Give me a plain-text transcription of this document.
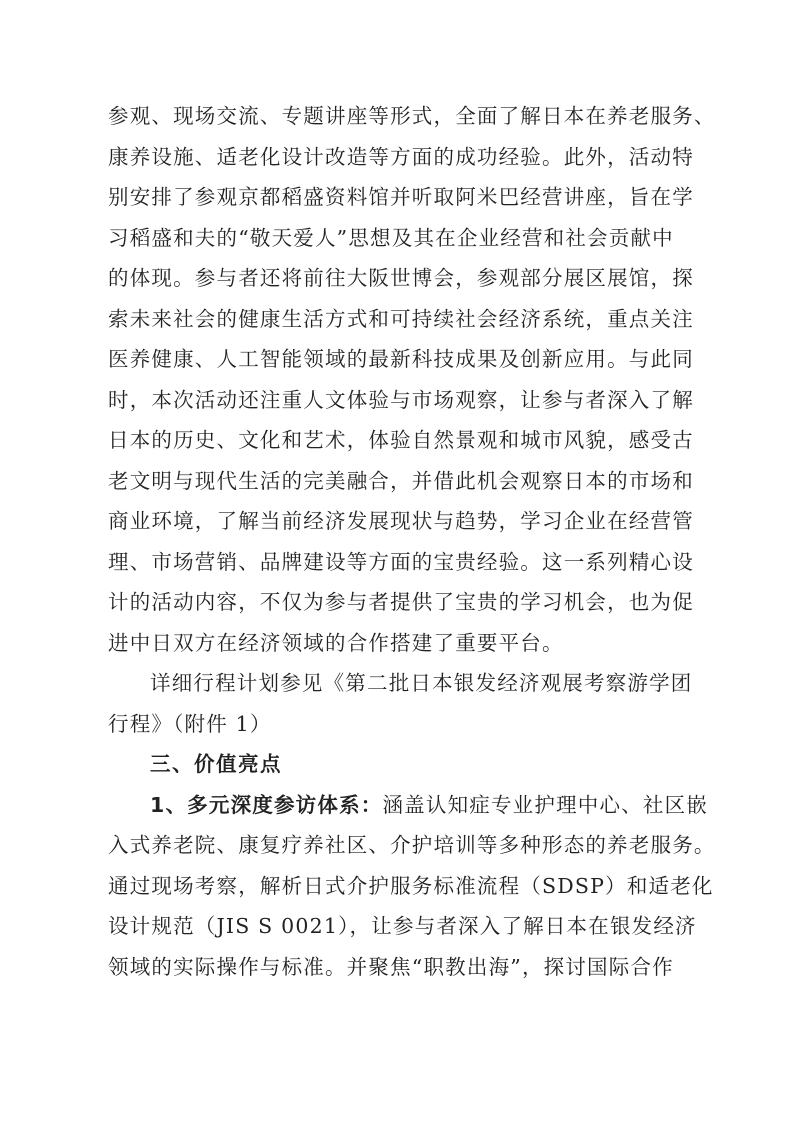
参观、现场交流、专题讲座等形式，全面了解日本在养老服务、
康养设施、适老化设计改造等方面的成功经验。此外，活动特
别安排了参观京都稻盛资料馆并听取阿米巴经营讲座，旨在学
习稻盛和夫的“敬天爱人”思想及其在企业经营和社会贡献中
的体现。参与者还将前往大阪世博会，参观部分展区展馆，探
索未来社会的健康生活方式和可持续社会经济系统，重点关注
医养健康、人工智能领域的最新科技成果及创新应用。与此同
时，本次活动还注重人文体验与市场观察，让参与者深入了解
日本的历史、文化和艺术，体验自然景观和城市风貌，感受古
老文明与现代生活的完美融合，并借此机会观察日本的市场和
商业环境，了解当前经济发展现状与趋势，学习企业在经营管
理、市场营销、品牌建设等方面的宝贵经验。这一系列精心设
计的活动内容，不仅为参与者提供了宝贵的学习机会，也为促
进中日双方在经济领域的合作搭建了重要平台。
详细行程计划参见《第二批日本银发经济观展考察游学团
行程》（附件 1）
三、价值亮点
1、多元深度参访体系：涵盖认知症专业护理中心、社区嵌
入式养老院、康复疗养社区、介护培训等多种形态的养老服务。
通过现场考察，解析日式介护服务标准流程（SDSP）和适老化
设计规范（JIS S 0021），让参与者深入了解日本在银发经济
领域的实际操作与标准。并聚焦“职教出海”，探讨国际合作
